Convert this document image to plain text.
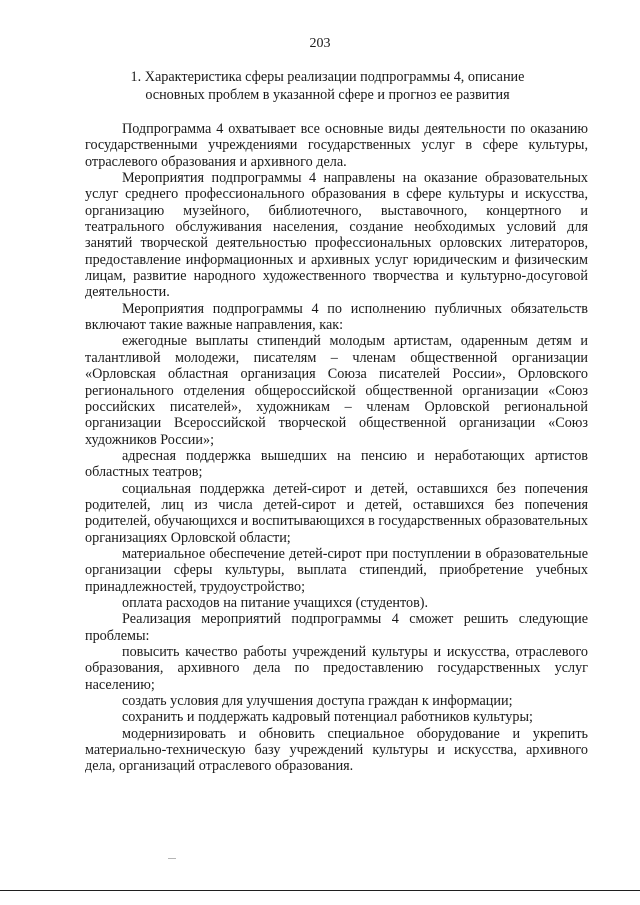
203
1. Характеристика сферы реализации подпрограммы 4, описание
основных проблем в указанной сфере и прогноз ее развития

Подпрограмма 4 охватывает все основные виды деятельности по оказанию государственными учреждениями государственных услуг в сфере культуры, отраслевого образования и архивного дела.

Мероприятия подпрограммы 4 направлены на оказание образовательных услуг среднего профессионального образования в сфере культуры и искусства, организацию музейного, библиотечного, выставочного, концертного и театрального обслуживания населения, создание необходимых условий для занятий творческой деятельностью профессиональных орловских литераторов, предоставление информационных и архивных услуг юридическим и физическим лицам, развитие народного художественного творчества и культурно-досуговой деятельности.

Мероприятия подпрограммы 4 по исполнению публичных обязательств включают такие важные направления, как:

ежегодные выплаты стипендий молодым артистам, одаренным детям и талантливой молодежи, писателям – членам общественной организации «Орловская областная организация Союза писателей России», Орловского регионального отделения общероссийской общественной организации «Союз российских писателей», художникам – членам Орловской региональной организации Всероссийской творческой общественной организации «Союз художников России»;

адресная поддержка вышедших на пенсию и неработающих артистов областных театров;

социальная поддержка детей-сирот и детей, оставшихся без попечения родителей, лиц из числа детей-сирот и детей, оставшихся без попечения родителей, обучающихся и воспитывающихся в государственных образовательных организациях Орловской области;

материальное обеспечение детей-сирот при поступлении в образовательные организации сферы культуры, выплата стипендий, приобретение учебных принадлежностей, трудоустройство;

оплата расходов на питание учащихся (студентов).

Реализация мероприятий подпрограммы 4 сможет решить следующие проблемы:

повысить качество работы учреждений культуры и искусства, отраслевого образования, архивного дела по предоставлению государственных услуг населению;

создать условия для улучшения доступа граждан к информации;

сохранить и поддержать кадровый потенциал работников культуры;

модернизировать и обновить специальное оборудование и укрепить материально-техническую базу учреждений культуры и искусства, архивного дела, организаций отраслевого образования.
